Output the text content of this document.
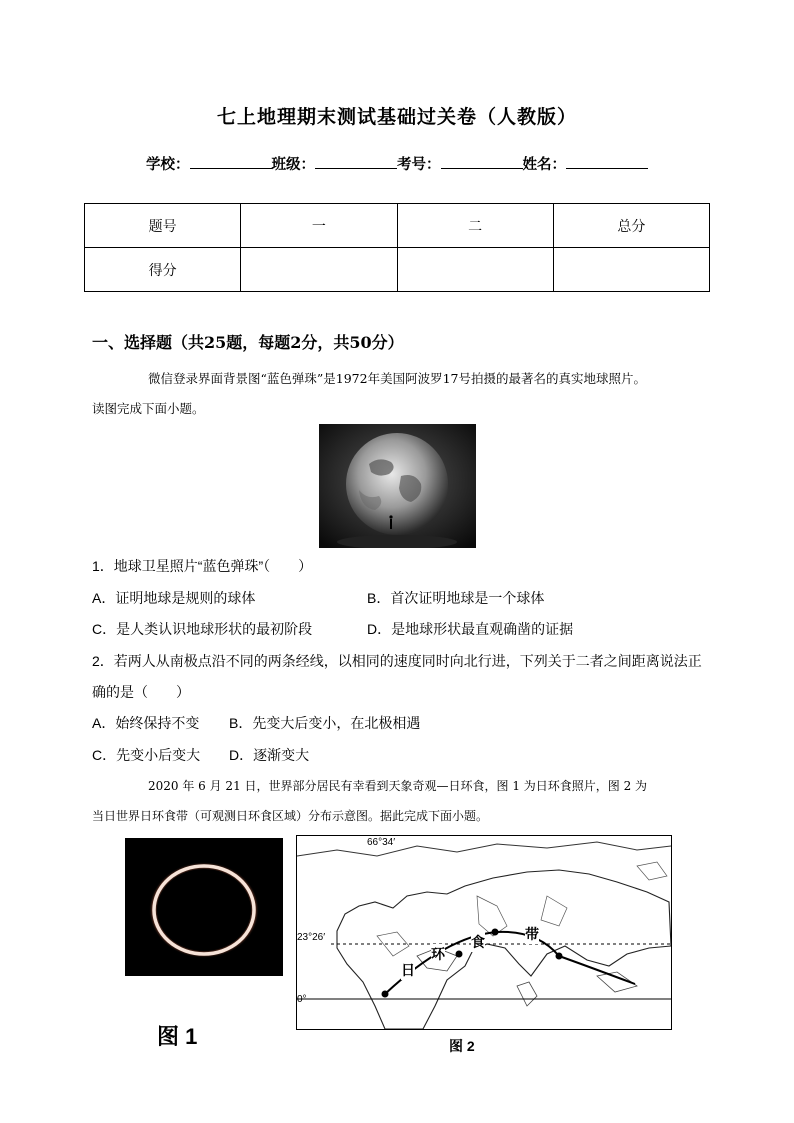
七上地理期末测试基础过关卷（人教版）
学校：	班级：	考号：	姓名：
题号	一	二	总分
得分			
一、选择题（共25题，每题2分，共50分）
微信登录界面背景图“蓝色弹珠”是1972年美国阿波罗17号拍摄的最著名的真实地球照片。
读图完成下面小题。
1．地球卫星照片“蓝色弹珠”（　　）
A．证明地球是规则的球体	B．首次证明地球是一个球体
C．是人类认识地球形状的最初阶段	D．是地球形状最直观确凿的证据
2．若两人从南极点沿不同的两条经线，以相同的速度同时向北行进，下列关于二者之间距离说法正
确的是（　　）
A．始终保持不变 B．先变大后变小，在北极相遇
C．先变小后变大 D．逐渐变大
2020 年 6 月 21 日，世界部分居民有幸看到天象奇观—日环食，图 1 为日环食照片，图 2 为
当日世界日环食带（可观测日环食区域）分布示意图。据此完成下面小题。
图 1
66°34′
23°26′
0°
日
环
食	带
图 2
